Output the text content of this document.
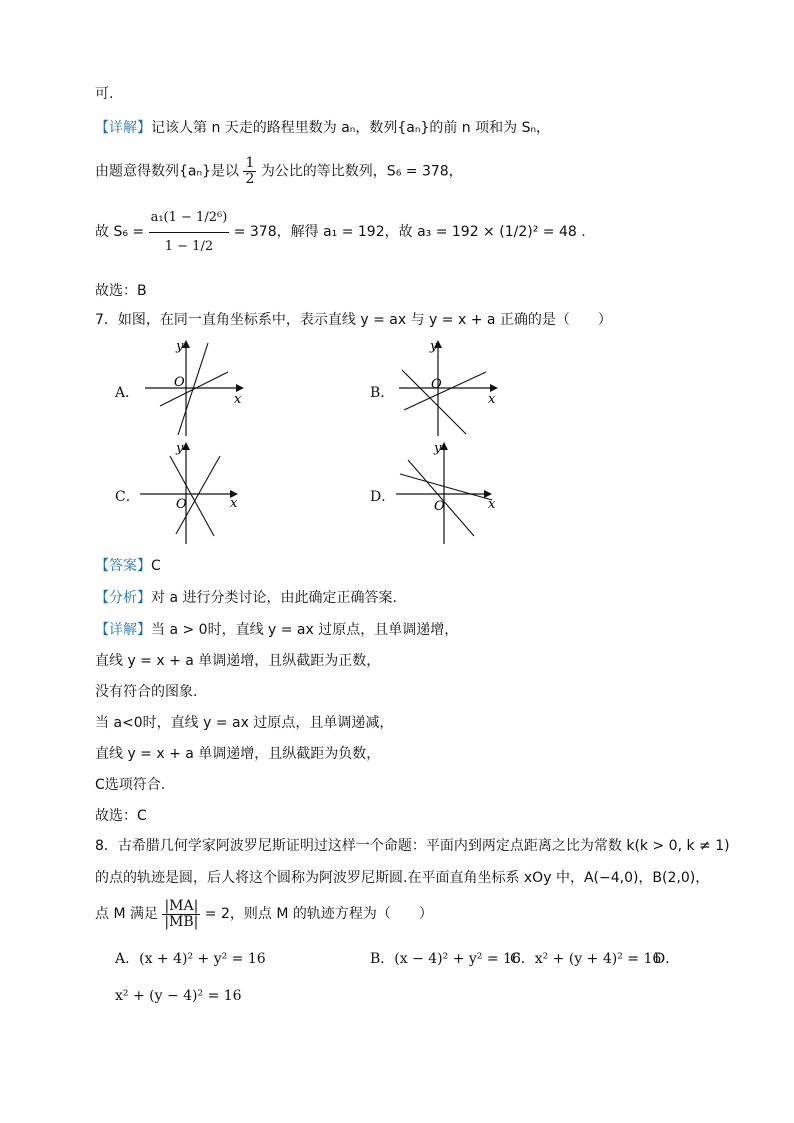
可.
【详解】记该人第 n 天走的路程里数为 aₙ，数列{aₙ}的前 n 项和为 Sₙ，
由题意得数列{aₙ}是以 $\frac{1}{2}$ 为公比的等比数列，S₆ = 378，
故 $S_6 = \frac{\text{a₁(1 − 1/2⁶)}}{1 - 1/2} = 378$，解得 a₁ = 192，故 a₃ = 192 × (1/2)² = 48 .
故选：B
7．如图，在同一直角坐标系中，表示直线 y = ax 与 y = x + a 正确的是（　　）
A．	x
y
O
B．	x
y
O
C．	x
y
O	D．	x
y
O
【答案】C
【分析】对 a 进行分类讨论，由此确定正确答案.
【详解】当 a > 0时，直线 y = ax 过原点，且单调递增，
直线 y = x + a 单调递增，且纵截距为正数，
没有符合的图象.
当 a<0时，直线 y = ax 过原点，且单调递减，
直线 y = x + a 单调递增，且纵截距为负数，
C选项符合.
故选：C
8．古希腊几何学家阿波罗尼斯证明过这样一个命题：平面内到两定点距离之比为常数 k(k > 0, k ≠ 1)
的点的轨迹是圆，后人将这个圆称为阿波罗尼斯圆.在平面直角坐标系 xOy 中，A(−4,0)，B(2,0)，
点 M 满足 $\frac{|MA|}{|MB|} = 2$，则点 M 的轨迹方程为（　　）
A．(x + 4)² + y² = 16	B．(x − 4)² + y² = 16
C．x² + (y + 4)² = 16
D．
x² + (y − 4)² = 16
